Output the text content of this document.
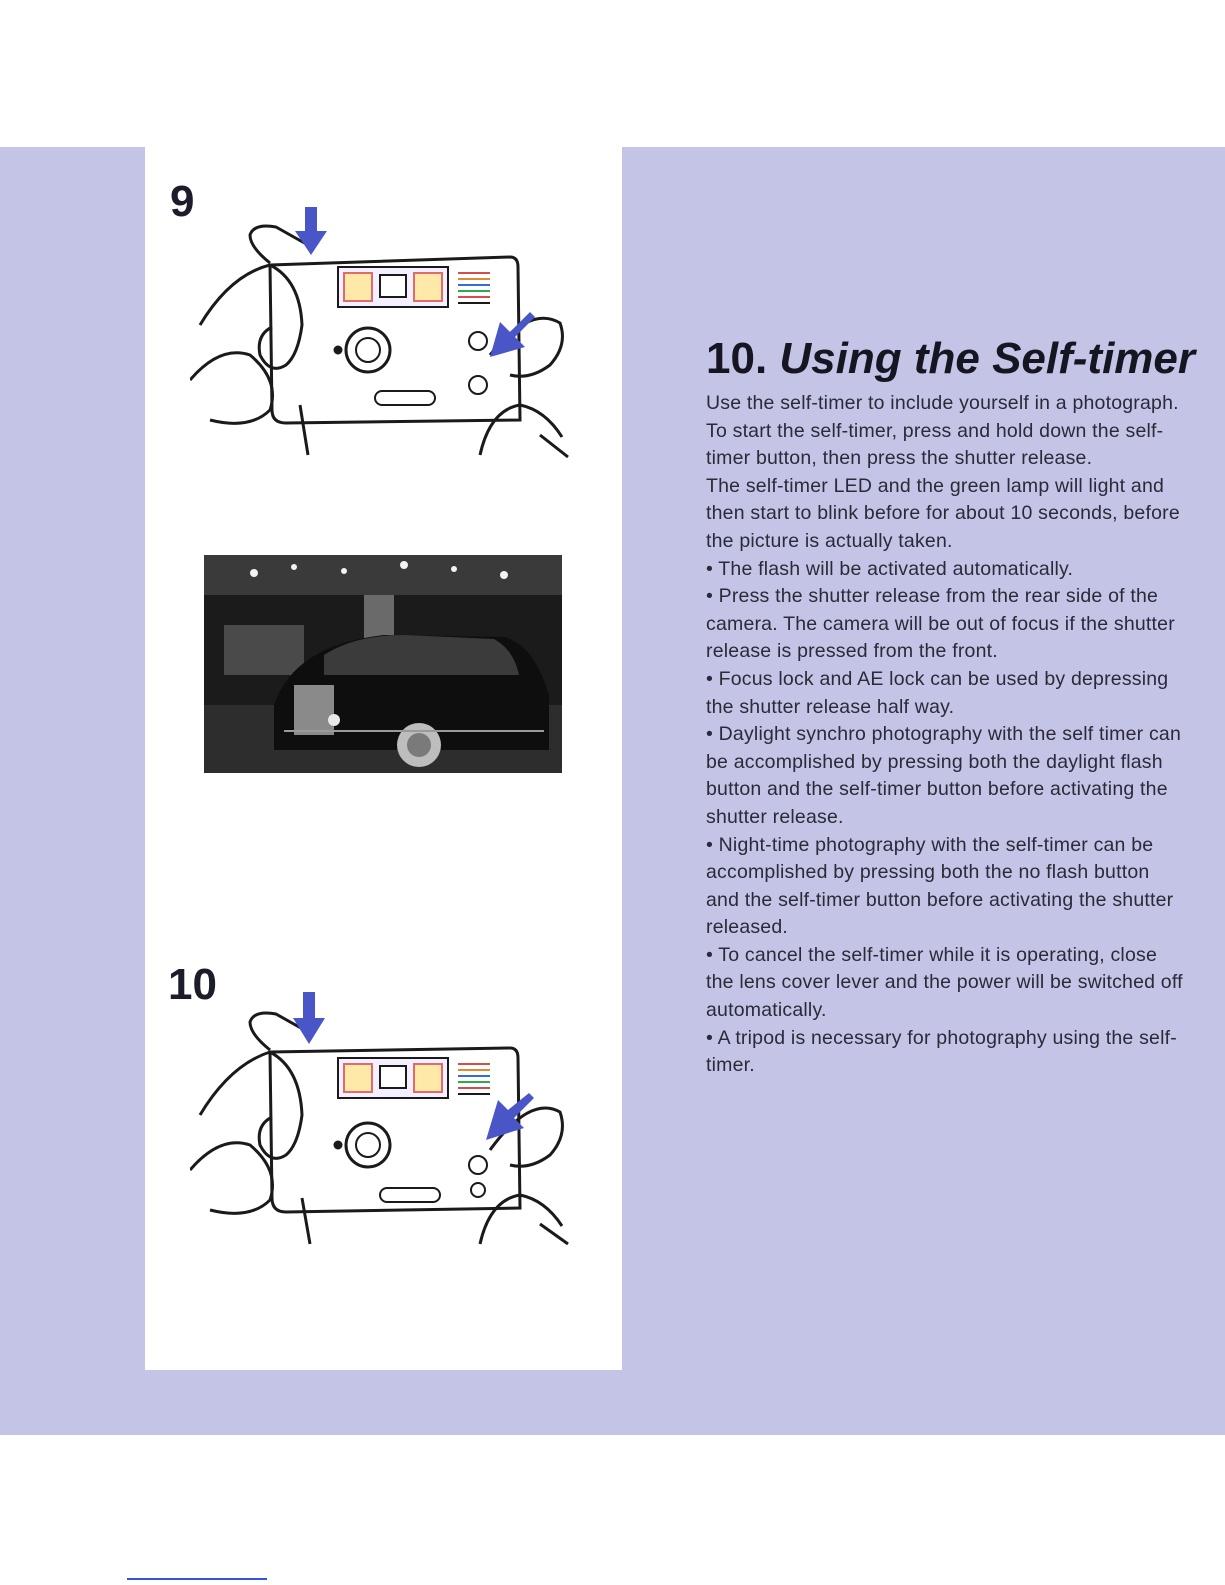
9
10
10. Using the Self-timer

Use the self-timer to include yourself in a photograph.

To start the self-timer, press and hold down the self-timer button, then press the shutter release.

The self-timer LED and the green lamp will light and then start to blink before for about 10 seconds, before the picture is actually taken.

• The flash will be activated automatically.

• Press the shutter release from the rear side of the camera. The camera will be out of focus if the shutter release is pressed from the front.

• Focus lock and AE lock can be used by depressing the shutter release half way.

• Daylight synchro photography with the self timer can be accomplished by pressing both the daylight flash button and the self-timer button before activating the shutter release.

• Night-time photography with the self-timer can be accomplished by pressing both the no flash button and the self-timer button before activating the shutter released.

• To cancel the self-timer while it is operating, close the lens cover lever and the power will be switched off automatically.

• A tripod is necessary for photography using the self-timer.
